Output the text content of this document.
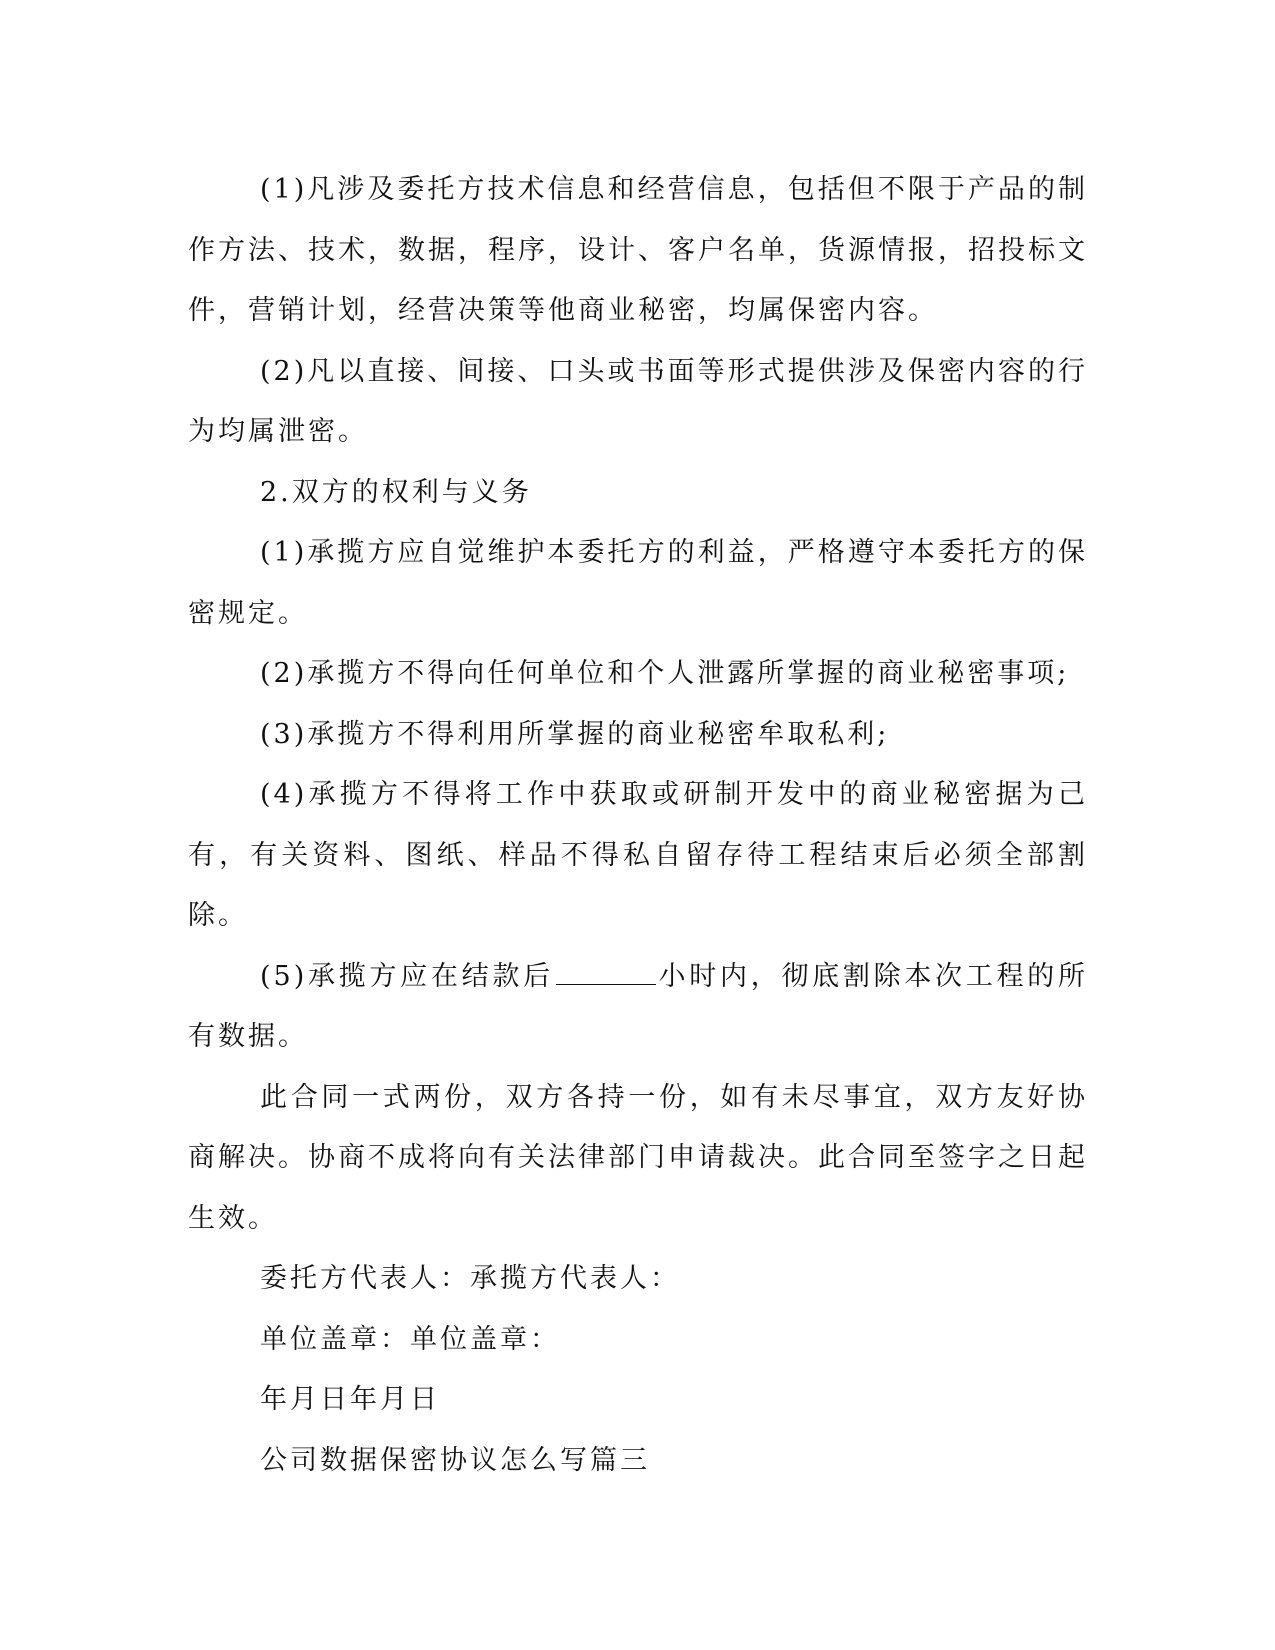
(1)凡涉及委托方技术信息和经营信息，包括但不限于产品的制作方法、技术，数据，程序，设计、客户名单，货源情报，招投标文件，营销计划，经营决策等他商业秘密，均属保密内容。

(2)凡以直接、间接、口头或书面等形式提供涉及保密内容的行为均属泄密。

2.双方的权利与义务

(1)承揽方应自觉维护本委托方的利益，严格遵守本委托方的保密规定。

(2)承揽方不得向任何单位和个人泄露所掌握的商业秘密事项;

(3)承揽方不得利用所掌握的商业秘密牟取私利;

(4)承揽方不得将工作中获取或研制开发中的商业秘密据为己有，有关资料、图纸、样品不得私自留存待工程结束后必须全部割除。

(5)承揽方应在结款后	小时内，彻底割除本次工程的所有数据。

此合同一式两份，双方各持一份，如有未尽事宜，双方友好协商解决。协商不成将向有关法律部门申请裁决。此合同至签字之日起生效。

委托方代表人：承揽方代表人：

单位盖章：单位盖章：

年月日年月日

公司数据保密协议怎么写篇三
